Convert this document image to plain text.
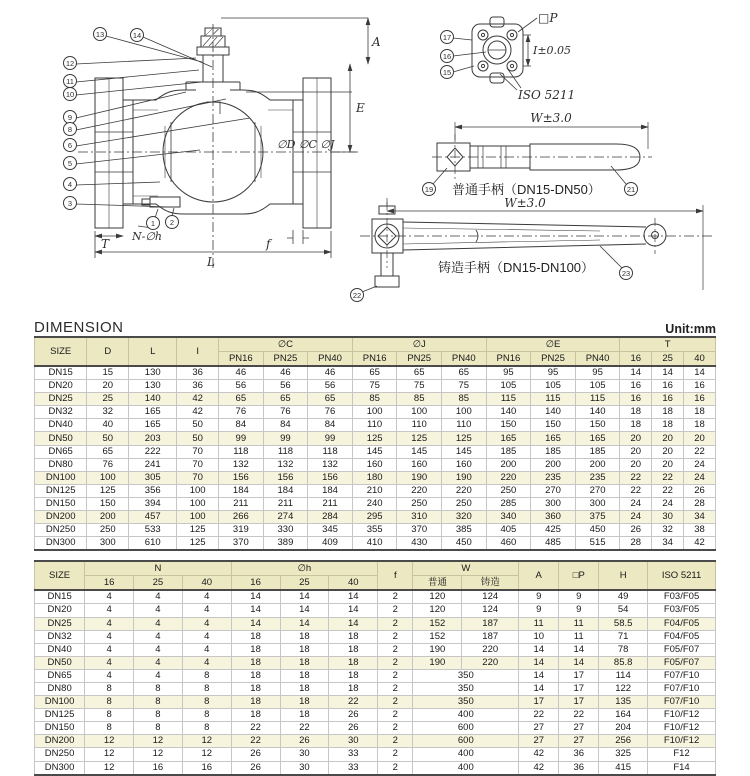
A
E
∅D ∅C ∅J
T
N-∅h
f
L
13	14
12
11
10
9
8
6
5
4
3
1 2
17
16
15
□P
I±0.05
ISO 5211
19	21
W±3.0
普通手柄（DN15-DN50）
22
23
W±3.0
铸造手柄（DN15-DN100）
DIMENSION	Unit:mm
SIZE	D	L	I	∅C			∅J			∅E			T		
				PN16	PN25	PN40	PN16	PN25	PN40	PN16	PN25	PN40	16	25	40
DN15	15	130	36	46	46	46	65	65	65	95	95	95	14	14	14
DN20	20	130	36	56	56	56	75	75	75	105	105	105	16	16	16
DN25	25	140	42	65	65	65	85	85	85	115	115	115	16	16	16
DN32	32	165	42	76	76	76	100	100	100	140	140	140	18	18	18
DN40	40	165	50	84	84	84	110	110	110	150	150	150	18	18	18
DN50	50	203	50	99	99	99	125	125	125	165	165	165	20	20	20
DN65	65	222	70	118	118	118	145	145	145	185	185	185	20	20	22
DN80	76	241	70	132	132	132	160	160	160	200	200	200	20	20	24
DN100	100	305	70	156	156	156	180	190	190	220	235	235	22	22	24
DN125	125	356	100	184	184	184	210	220	220	250	270	270	22	22	26
DN150	150	394	100	211	211	211	240	250	250	285	300	300	24	24	28
DN200	200	457	100	266	274	284	295	310	320	340	360	375	24	30	34
DN250	250	533	125	319	330	345	355	370	385	405	425	450	26	32	38
DN300	300	610	125	370	389	409	410	430	450	460	485	515	28	34	42
SIZE	N			∅h			f	W		A	□P	H	ISO 5211
	16	25	40	16	25	40		普通	铸造				
DN15	4	4	4	14	14	14	2	120	124	9	9	49	F03/F05
DN20	4	4	4	14	14	14	2	120	124	9	9	54	F03/F05
DN25	4	4	4	14	14	14	2	152	187	11	11	58.5	F04/F05
DN32	4	4	4	18	18	18	2	152	187	10	11	71	F04/F05
DN40	4	4	4	18	18	18	2	190	220	14	14	78	F05/F07
DN50	4	4	4	18	18	18	2	190	220	14	14	85.8	F05/F07
DN65	4	4	8	18	18	18	2	350		14	17	114	F07/F10
DN80	8	8	8	18	18	18	2	350		14	17	122	F07/F10
DN100	8	8	8	18	18	22	2	350		17	17	135	F07/F10
DN125	8	8	8	18	18	26	2	400		22	22	164	F10/F12
DN150	8	8	8	22	22	26	2	600		27	27	204	F10/F12
DN200	12	12	12	22	26	30	2	600		27	27	256	F10/F12
DN250	12	12	12	26	30	33	2	400		42	36	325	F12
DN300	12	16	16	26	30	33	2	400		42	36	415	F14
